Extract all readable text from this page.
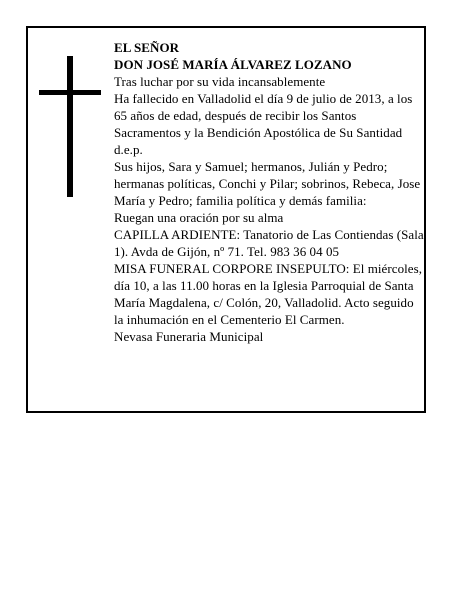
EL SEÑOR

DON JOSÉ MARÍA ÁLVAREZ LOZANO

Tras luchar por su vida incansablemente

Ha fallecido en Valladolid el día 9 de julio de 2013, a los 65 años de edad, después de recibir los Santos Sacramentos y la Bendición Apostólica de Su Santidad

d.e.p.

Sus hijos, Sara y Samuel; hermanos, Julián y Pedro; hermanas políticas, Conchi y Pilar; sobrinos, Rebeca, Jose María y Pedro; familia política y demás familia:

Ruegan una oración por su alma

CAPILLA ARDIENTE: Tanatorio de Las Contiendas (Sala 1). Avda de Gijón, nº 71. Tel. 983 36 04 05

MISA FUNERAL CORPORE INSEPULTO: El miércoles, día 10, a las 11.00 horas en la Iglesia Parroquial de Santa María Magdalena, c/ Colón, 20, Valladolid. Acto seguido la inhumación en el Cementerio El Carmen.

Nevasa Funeraria Municipal
